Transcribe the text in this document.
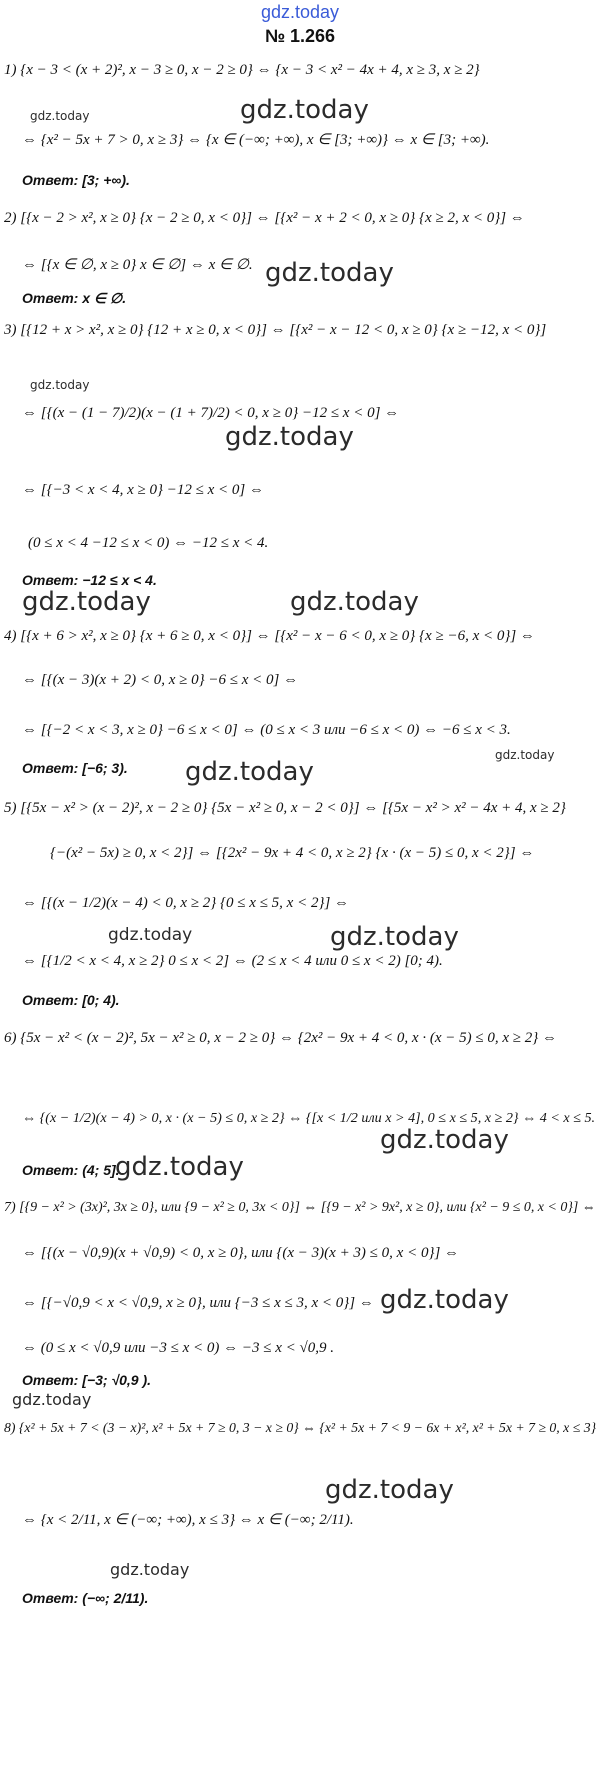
gdz.today
№ 1.266
1) {x − 3 < (x + 2)², x − 3 ≥ 0, x − 2 ≥ 0} ⇔ {x − 3 < x² − 4x + 4, x ≥ 3, x ≥ 2}
gdz.today	gdz.today
⇔ {x² − 5x + 7 > 0, x ≥ 3} ⇔ {x ∈ (−∞; +∞), x ∈ [3; +∞)} ⇔ x ∈ [3; +∞).
Ответ: [3; +∞).
2) [{x − 2 > x², x ≥ 0} {x − 2 ≥ 0, x < 0}] ⇔ [{x² − x + 2 < 0, x ≥ 0} {x ≥ 2, x < 0}] ⇔
⇔ [{x ∈ ∅, x ≥ 0} x ∈ ∅] ⇔ x ∈ ∅. gdz.today
Ответ: x ∈ ∅.
3) [{12 + x > x², x ≥ 0} {12 + x ≥ 0, x < 0}] ⇔ [{x² − x − 12 < 0, x ≥ 0} {x ≥ −12, x < 0}]
gdz.today
⇔ [{(x − (1 − 7)/2)(x − (1 + 7)/2) < 0, x ≥ 0} −12 ≤ x < 0] ⇔
gdz.today
⇔ [{−3 < x < 4, x ≥ 0} −12 ≤ x < 0] ⇔
(0 ≤ x < 4 −12 ≤ x < 0) ⇔ −12 ≤ x < 4.
Ответ: −12 ≤ x < 4.
gdz.today	gdz.today
4) [{x + 6 > x², x ≥ 0} {x + 6 ≥ 0, x < 0}] ⇔ [{x² − x − 6 < 0, x ≥ 0} {x ≥ −6, x < 0}] ⇔
⇔ [{(x − 3)(x + 2) < 0, x ≥ 0} −6 ≤ x < 0] ⇔
⇔ [{−2 < x < 3, x ≥ 0} −6 ≤ x < 0] ⇔ (0 ≤ x < 3 или −6 ≤ x < 0) ⇔ −6 ≤ x < 3.
gdz.today
Ответ: [−6; 3). gdz.today
5) [{5x − x² > (x − 2)², x − 2 ≥ 0} {5x − x² ≥ 0, x − 2 < 0}] ⇔ [{5x − x² > x² − 4x + 4, x ≥ 2}
{−(x² − 5x) ≥ 0, x < 2}] ⇔ [{2x² − 9x + 4 < 0, x ≥ 2} {x · (x − 5) ≤ 0, x < 2}] ⇔
⇔ [{(x − 1/2)(x − 4) < 0, x ≥ 2} {0 ≤ x ≤ 5, x < 2}] ⇔
gdz.today	gdz.today
⇔ [{1/2 < x < 4, x ≥ 2} 0 ≤ x < 2] ⇔ (2 ≤ x < 4 или 0 ≤ x < 2) [0; 4).
Ответ: [0; 4).
6) {5x − x² < (x − 2)², 5x − x² ≥ 0, x − 2 ≥ 0} ⇔ {2x² − 9x + 4 < 0, x · (x − 5) ≤ 0, x ≥ 2} ⇔
⇔ {(x − 1/2)(x − 4) > 0, x · (x − 5) ≤ 0, x ≥ 2} ⇔ {[x < 1/2 или x > 4], 0 ≤ x ≤ 5, x ≥ 2} ⇔ 4 < x ≤ 5.
gdz.today
Ответ: (4; 5].
gdz.today
7) [{9 − x² > (3x)², 3x ≥ 0}, или {9 − x² ≥ 0, 3x < 0}] ⇔ [{9 − x² > 9x², x ≥ 0}, или {x² − 9 ≤ 0, x < 0}] ⇔
⇔ [{(x − √0,9)(x + √0,9) < 0, x ≥ 0}, или {(x − 3)(x + 3) ≤ 0, x < 0}] ⇔
⇔ [{−√0,9 < x < √0,9, x ≥ 0}, или {−3 ≤ x ≤ 3, x < 0}] ⇔ gdz.today
⇔ (0 ≤ x < √0,9 или −3 ≤ x < 0) ⇔ −3 ≤ x < √0,9 .
Ответ: [−3; √0,9 ).
gdz.today
8) {x² + 5x + 7 < (3 − x)², x² + 5x + 7 ≥ 0, 3 − x ≥ 0} ⇔ {x² + 5x + 7 < 9 − 6x + x², x² + 5x + 7 ≥ 0, x ≤ 3}
gdz.today
⇔ {x < 2/11, x ∈ (−∞; +∞), x ≤ 3} ⇔ x ∈ (−∞; 2/11).
gdz.today
Ответ: (−∞; 2/11).
